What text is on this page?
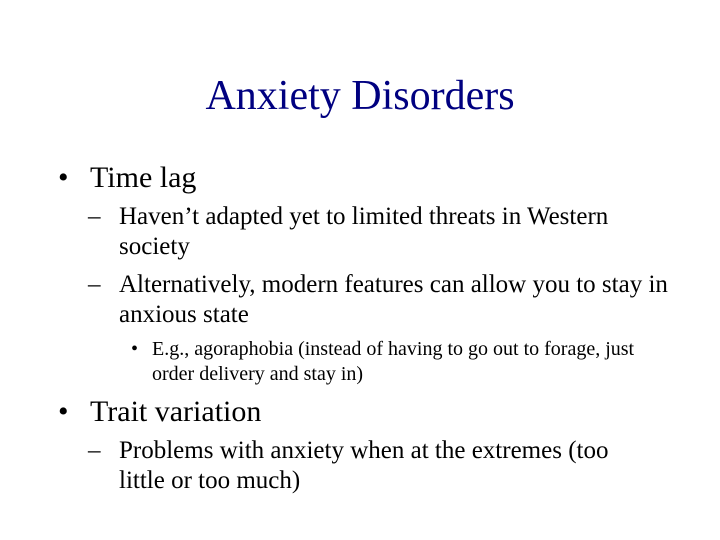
Anxiety Disorders
• Time lag
– Haven’t adapted yet to limited threats in Western society
– Alternatively, modern features can allow you to stay in anxious state
• E.g., agoraphobia (instead of having to go out to forage, just order delivery and stay in)
• Trait variation
– Problems with anxiety when at the extremes (too little or too much)
